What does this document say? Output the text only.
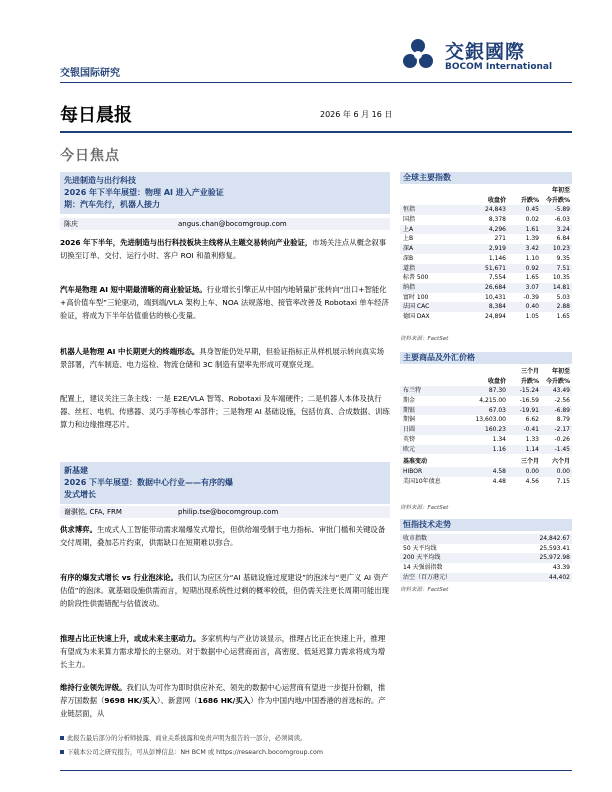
交银国际研究
交銀國際
BOCOM International
每日晨报	2026 年 6 月 16 日
今日焦点
先进制造与出行科技
2026 年下半年展望：物理 AI 进入产业验证
期：汽车先行，机器人接力
陈庆	angus.chan@bocomgroup.com
2026 年下半年，先进制造与出行科技板块主线将从主题交易转向产业验证，市场关注点从概念叙事切换至订单、交付、运行小时、客户 ROI 和盈利修复。
汽车是物理 AI 短中期最清晰的商业验证场。行业增长引擎正从中国内地销量扩张转向“出口+智能化+高价值车型”三轮驱动，端到端/VLA 架构上车、NOA 法规落地、接管率改善及 Robotaxi 单车经济验证，将成为下半年估值重估的核心变量。
机器人是物理 AI 中长期更大的终端形态。具身智能仍处早期，但验证指标正从样机展示转向真实场景部署，汽车制造、电力巡检、物流仓储和 3C 制造有望率先形成可观察兑现。
配置上，建议关注三条主线：一是 E2E/VLA 智驾、Robotaxi 及车端硬件；二是机器人本体及执行器、丝杠、电机、传感器、灵巧手等核心零部件；三是物理 AI 基础设施，包括仿真、合成数据、训练算力和边缘推理芯片。
新基建
2026 下半年展望：数据中心行业——有序的爆
发式增长
谢骐铭, CFA, FRM	philip.tse@bocomgroup.com
供求博弈。生成式人工智能带动需求端爆发式增长，但供给端受制于电力指标、审批门槛和关键设备交付周期，叠加芯片约束，供需缺口在短期难以弥合。
有序的爆发式增长 vs 行业泡沫论。我们认为应区分“AI 基础设施过度建设”的泡沫与“更广义 AI 资产估值”的泡沫。就基础设施供需而言，短期出现系统性过剩的概率较低，但仍需关注更长周期可能出现的阶段性供需错配与估值波动。
推理占比正快速上升，或成未来主驱动力。多家机构与产业访谈显示，推理占比正在快速上升，推理有望成为未来算力需求增长的主驱动。对于数据中心运营商而言，高密度、低延迟算力需求将成为增长主力。
维持行业领先评级。我们认为可作为即时供应补充、领先的数据中心运营商有望进一步提升份额，推荐万国数据（9698 HK/买入）、新意网（1686 HK/买入）作为中国内地/中国香港的首选标的。产业链层面，从
全球主要指数
年初至
收盘价 升跌% 今升跌%
恒指	24,843	0.45	-5.89
国指	8,378	0.02	-6.03
上A	4,296	1.61	3.24
上B	271	1.39	6.84
深A	2,919	3.42 10.23
深B	1,146	1.10	9.35
道指	51,671	0.92	7.51
标普 500	7,554	1.65 10.35
纳指	26,684	3.07 14.81
富时 100	10,431	-0.39	5.03
法国 CAC	8,384	0.40	2.88
德国 DAX	24,894	1.05	1.65
资料来源：FactSet
主要商品及外汇价格
三个月 年初至
收盘价 升跌% 今升跌%
布兰特	87.30 -15.24 43.49
期金	4,215.00 -16.59	-2.56
期银	67.03 -19.91	-6.89
期铜	13,603.00	6.62	8.79
日圆	160.23	-0.41	-2.17
英镑	1.34	1.33	-0.26
欧元	1.16	1.14	-1.45
基准变动	三个月 六个月
HIBOR	4.58	0.00	0.00
美国10年债息	4.48	4.56	7.15
资料来源：FactSet
恒指技术走势
收市指数	24,842.67
50 天平均线	25,593.41
200 天平均线	25,972.98
14 天强弱指数	43.39
沽空（百万港元）	44,402
资料来源：FactSet
此报告最后部分的分析师披露、商业关系披露和免责声明为报告的一部分，必须阅读。
下载本公司之研究报告，可从彭博信息：NH BCM 或 https://research.bocomgroup.com
